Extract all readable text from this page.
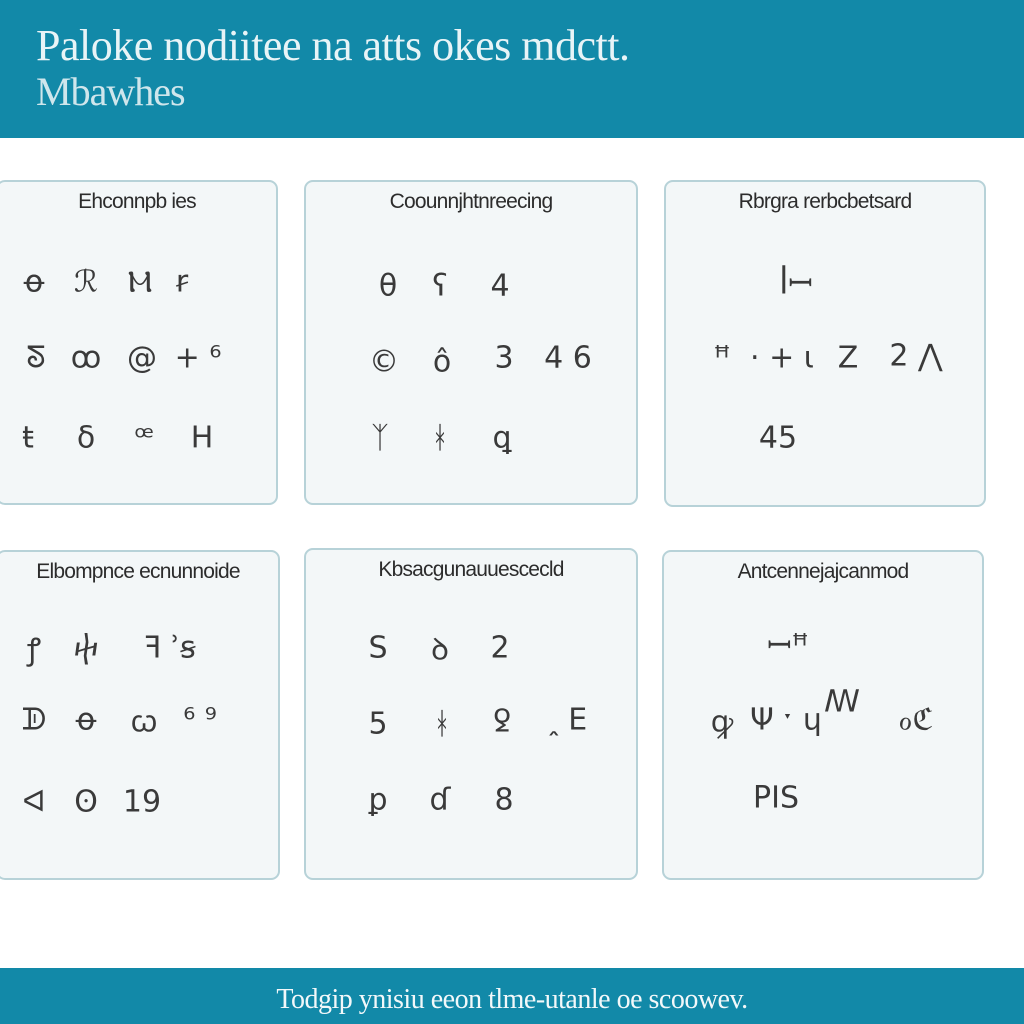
Paloke nodiitee na atts okes mdctt.
Mbawhes
Ehconnpb ies
ꝋ ℛ Ⲙ ꞧ
ᘕ ꝏ @ + ⁶
ŧ δ ꟹ ᕼ
Coounnjhtnreecing
θ ʕ 4
© ô 3 4 6
ᛉ ᚼ ꝗ
Rbrgra rerbcbetsard
ꟾꟷ
ꟸ · + ɩ Z 2 ⋀
45
Elbompnce ecnunnoide
ꝭ ⴕ ꟻ ʾꞩ
ᗫ ꝋ ꞷ ⁶ ⁹
ᐊ ʘ 19
Kbsacgunauuescecld
S ꝺ 2
5 ᚼ ꝿ ꞈ E
ꝑ ɗ 8
Antcennejajcanmod
ꟷꟸ
ꟿ
Ψ ˑ ɥ
ꝙ	ℴℭ
PIS
Todgip ynisiu eeon tlme-utanle oe scoowev.
